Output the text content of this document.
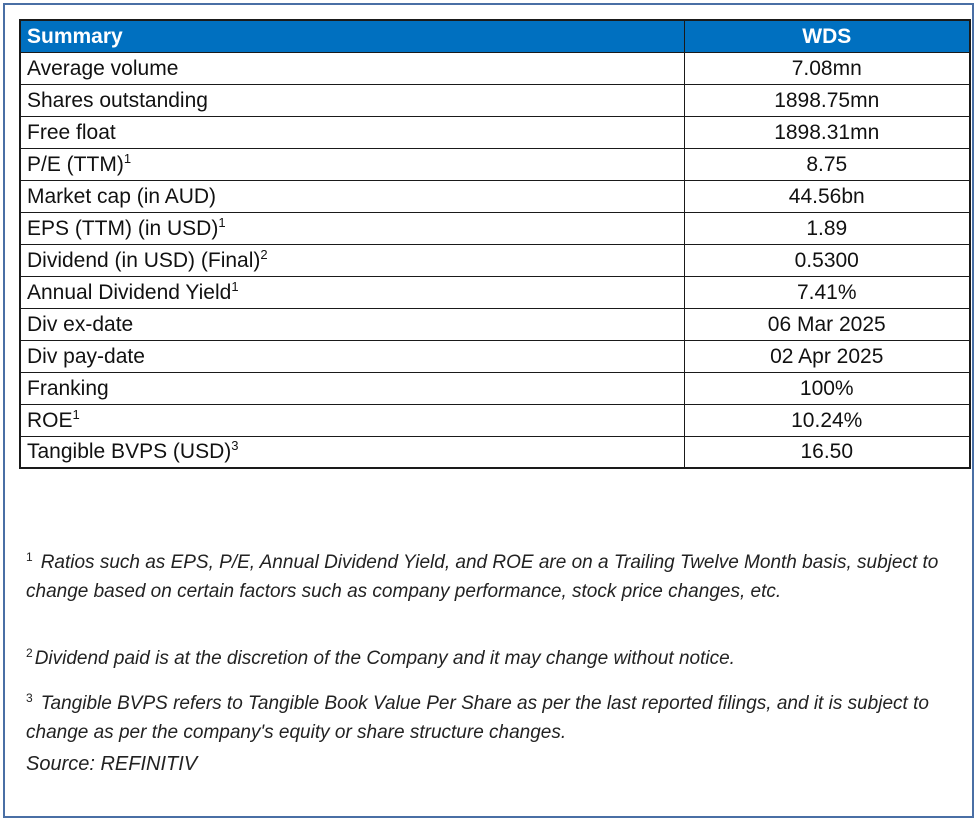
Summary	WDS
Average volume	7.08mn
Shares outstanding	1898.75mn
Free float	1898.31mn
P/E (TTM)$^1$	8.75
Market cap (in AUD)	44.56bn
EPS (TTM) (in USD)$^1$	1.89
Dividend (in USD) (Final)$^2$	0.5300
Annual Dividend Yield$^1$	7.41%
Div ex-date	06 Mar 2025
Div pay-date	02 Apr 2025
Franking	100%
ROE$^1$	10.24%
Tangible BVPS (USD)$^3$	16.50

$^1$ Ratios such as EPS, P/E, Annual Dividend Yield, and ROE are on a Trailing Twelve Month basis, subject to change based on certain factors such as company performance, stock price changes, etc.

$^2$ Dividend paid is at the discretion of the Company and it may change without notice.

$^3$ Tangible BVPS refers to Tangible Book Value Per Share as per the last reported filings, and it is subject to change as per the company's equity or share structure changes.

Source: REFINITIV
